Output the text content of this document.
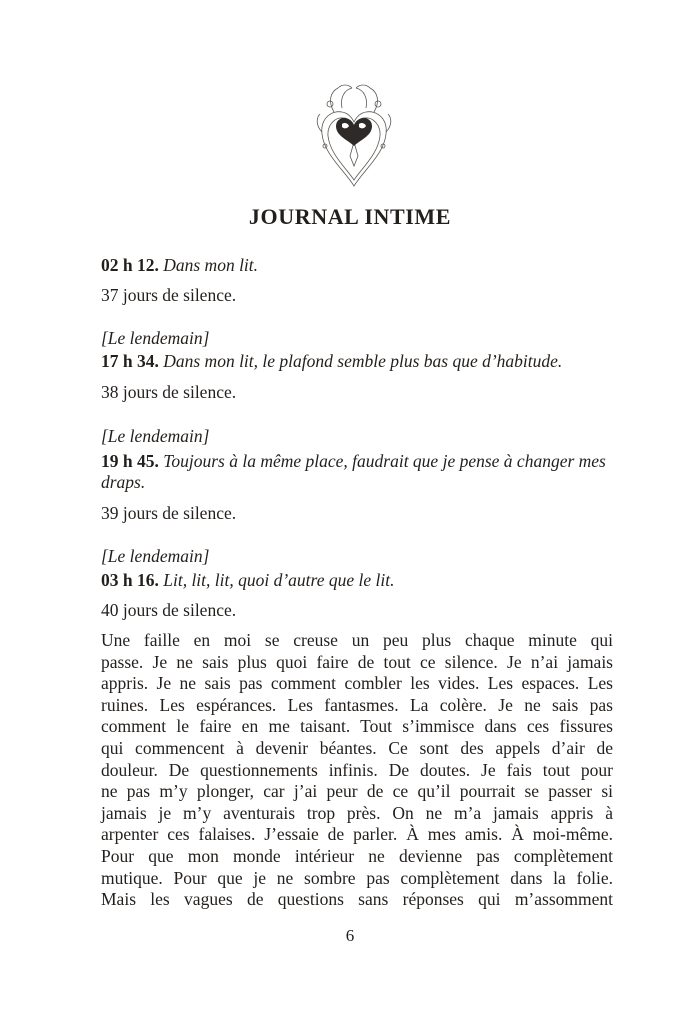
JOURNAL INTIME
02 h 12. Dans mon lit.
37 jours de silence.
[Le lendemain]
17 h 34. Dans mon lit, le plafond semble plus bas que d’habitude.
38 jours de silence.
[Le lendemain]
19 h 45. Toujours à la même place, faudrait que je pense à changer mes
draps.
39 jours de silence.
[Le lendemain]
03 h 16. Lit, lit, lit, quoi d’autre que le lit.
40 jours de silence.
Une faille en moi se creuse un peu plus chaque minute qui
passe. Je ne sais plus quoi faire de tout ce silence. Je n’ai jamais
appris. Je ne sais pas comment combler les vides. Les espaces. Les
ruines. Les espérances. Les fantasmes. La colère. Je ne sais pas
comment le faire en me taisant. Tout s’immisce dans ces fissures
qui commencent à devenir béantes. Ce sont des appels d’air de
douleur. De questionnements infinis. De doutes. Je fais tout pour
ne pas m’y plonger, car j’ai peur de ce qu’il pourrait se passer si
jamais je m’y aventurais trop près. On ne m’a jamais appris à
arpenter ces falaises. J’essaie de parler. À mes amis. À moi-même.
Pour que mon monde intérieur ne devienne pas complètement
mutique. Pour que je ne sombre pas complètement dans la folie.
Mais les vagues de questions sans réponses qui m’assomment
6
